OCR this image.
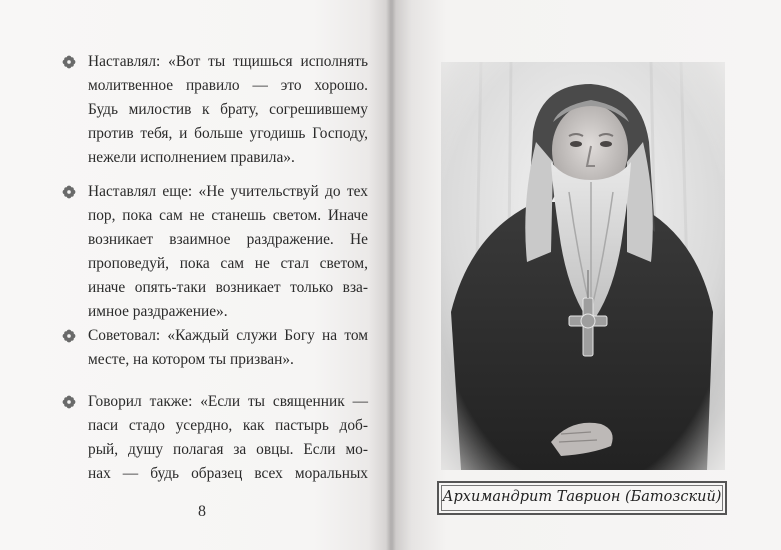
Наставлял: «Вот ты тщишься исполнять
молитвенное правило — это хорошо.
Будь милостив к брату, согрешившему
против тебя, и больше угодишь Господу,
нежели исполнением правила».
Наставлял еще: «Не учительствуй до тех
пор, пока сам не станешь светом. Иначе
возникает взаимное раздражение. Не
проповедуй, пока сам не стал светом,
иначе опять-таки возникает только вза-
имное раздражение».
Советовал: «Каждый служи Богу на том
месте, на котором ты призван».
Говорил также: «Если ты священник —
паси стадо усердно, как пастырь доб-
рый, душу полагая за овцы. Если мо-
нах — будь образец всех моральных
8
Архимандрит Таврион (Батозский)
